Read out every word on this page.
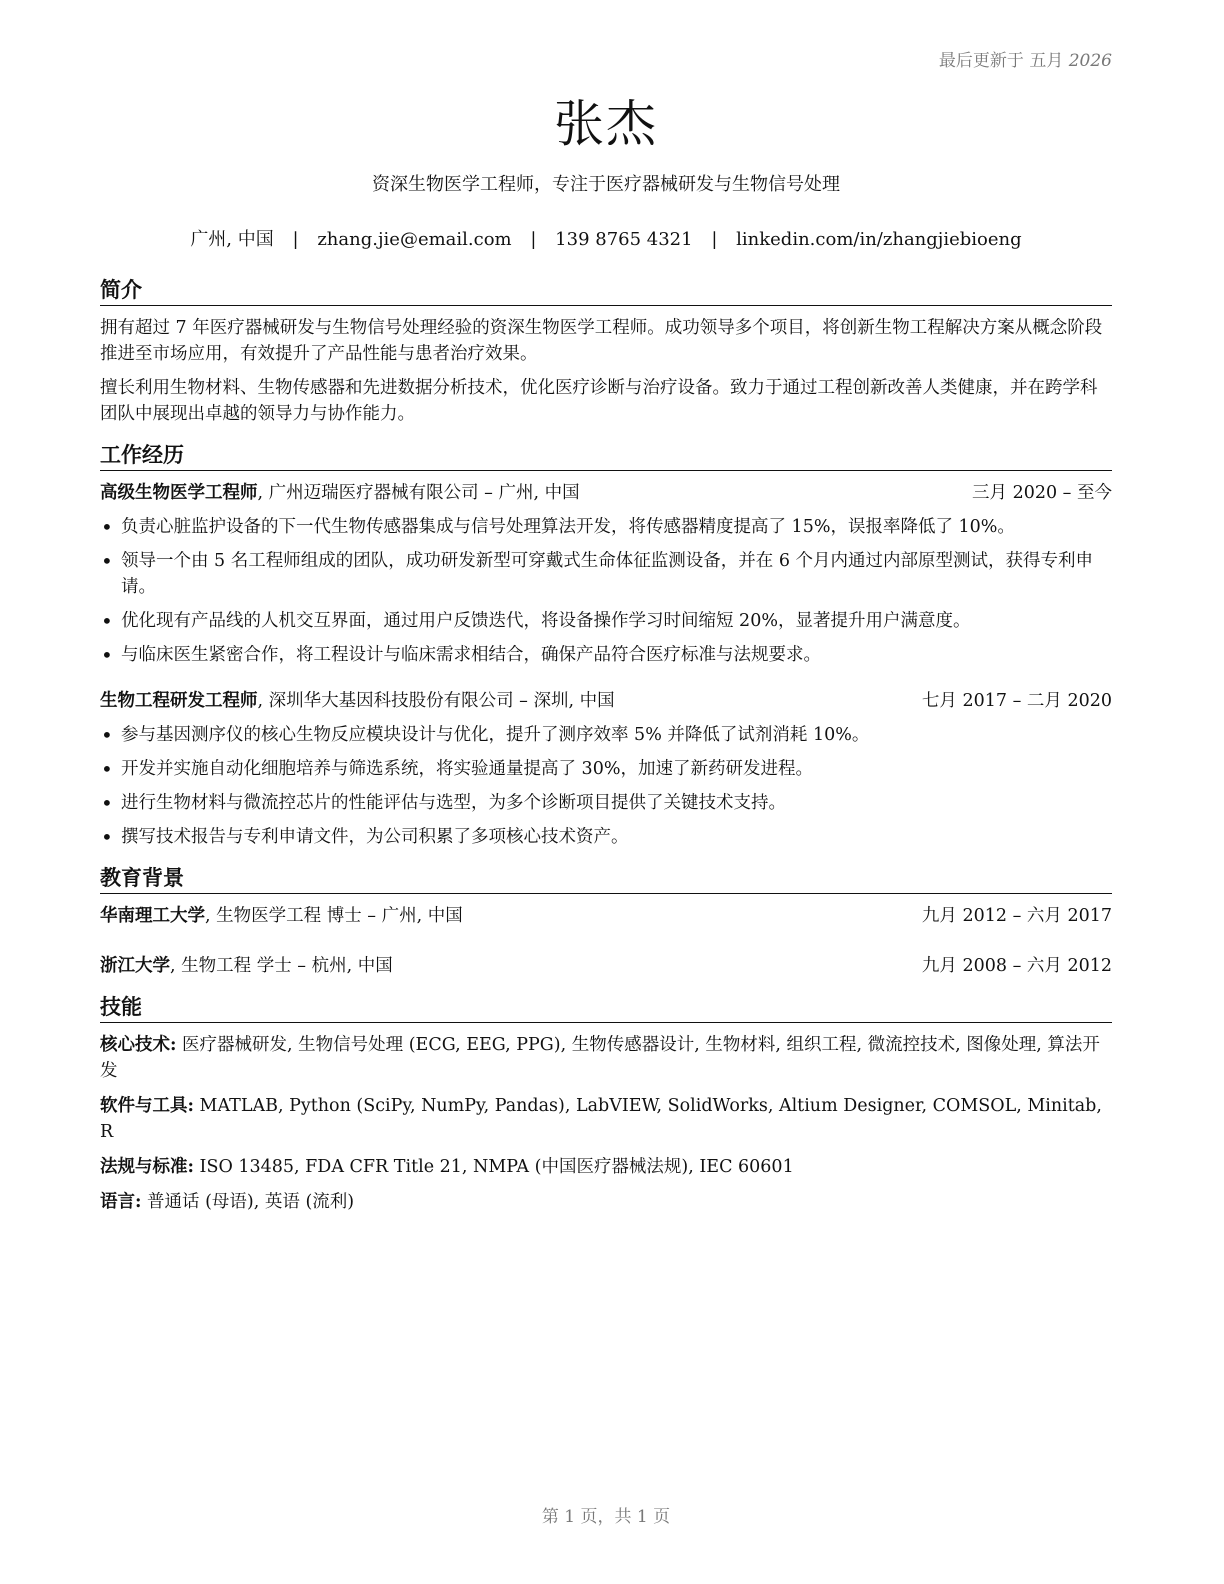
最后更新于 五月 2026
张杰
资深生物医学工程师，专注于医疗器械研发与生物信号处理
广州, 中国 | zhang.jie@email.com | 139 8765 4321 | linkedin.com/in/zhangjiebioeng
简介

拥有超过 7 年医疗器械研发与生物信号处理经验的资深生物医学工程师。成功领导多个项目，将创新生物工程解决方案从概念阶段推进至市场应用，有效提升了产品性能与患者治疗效果。

擅长利用生物材料、生物传感器和先进数据分析技术，优化医疗诊断与治疗设备。致力于通过工程创新改善人类健康，并在跨学科团队中展现出卓越的领导力与协作能力。

工作经历
高级生物医学工程师, 广州迈瑞医疗器械有限公司 – 广州, 中国	三月 2020 – 至今
• 负责心脏监护设备的下一代生物传感器集成与信号处理算法开发，将传感器精度提高了 15%，误报率降低了 10%。
• 领导一个由 5 名工程师组成的团队，成功研发新型可穿戴式生命体征监测设备，并在 6 个月内通过内部原型测试，获得专利申请。
• 优化现有产品线的人机交互界面，通过用户反馈迭代，将设备操作学习时间缩短 20%，显著提升用户满意度。
• 与临床医生紧密合作，将工程设计与临床需求相结合，确保产品符合医疗标准与法规要求。
生物工程研发工程师, 深圳华大基因科技股份有限公司 – 深圳, 中国	七月 2017 – 二月 2020
• 参与基因测序仪的核心生物反应模块设计与优化，提升了测序效率 5% 并降低了试剂消耗 10%。
• 开发并实施自动化细胞培养与筛选系统，将实验通量提高了 30%，加速了新药研发进程。
• 进行生物材料与微流控芯片的性能评估与选型，为多个诊断项目提供了关键技术支持。
• 撰写技术报告与专利申请文件，为公司积累了多项核心技术资产。
教育背景
华南理工大学, 生物医学工程 博士 – 广州, 中国	九月 2012 – 六月 2017
浙江大学, 生物工程 学士 – 杭州, 中国	九月 2008 – 六月 2012
技能
核心技术: 医疗器械研发, 生物信号处理 (ECG, EEG, PPG), 生物传感器设计, 生物材料, 组织工程, 微流控技术, 图像处理, 算法开发
软件与工具: MATLAB, Python (SciPy, NumPy, Pandas), LabVIEW, SolidWorks, Altium Designer, COMSOL, Minitab, R
法规与标准: ISO 13485, FDA CFR Title 21, NMPA (中国医疗器械法规), IEC 60601
语言: 普通话 (母语), 英语 (流利)
第 1 页，共 1 页
